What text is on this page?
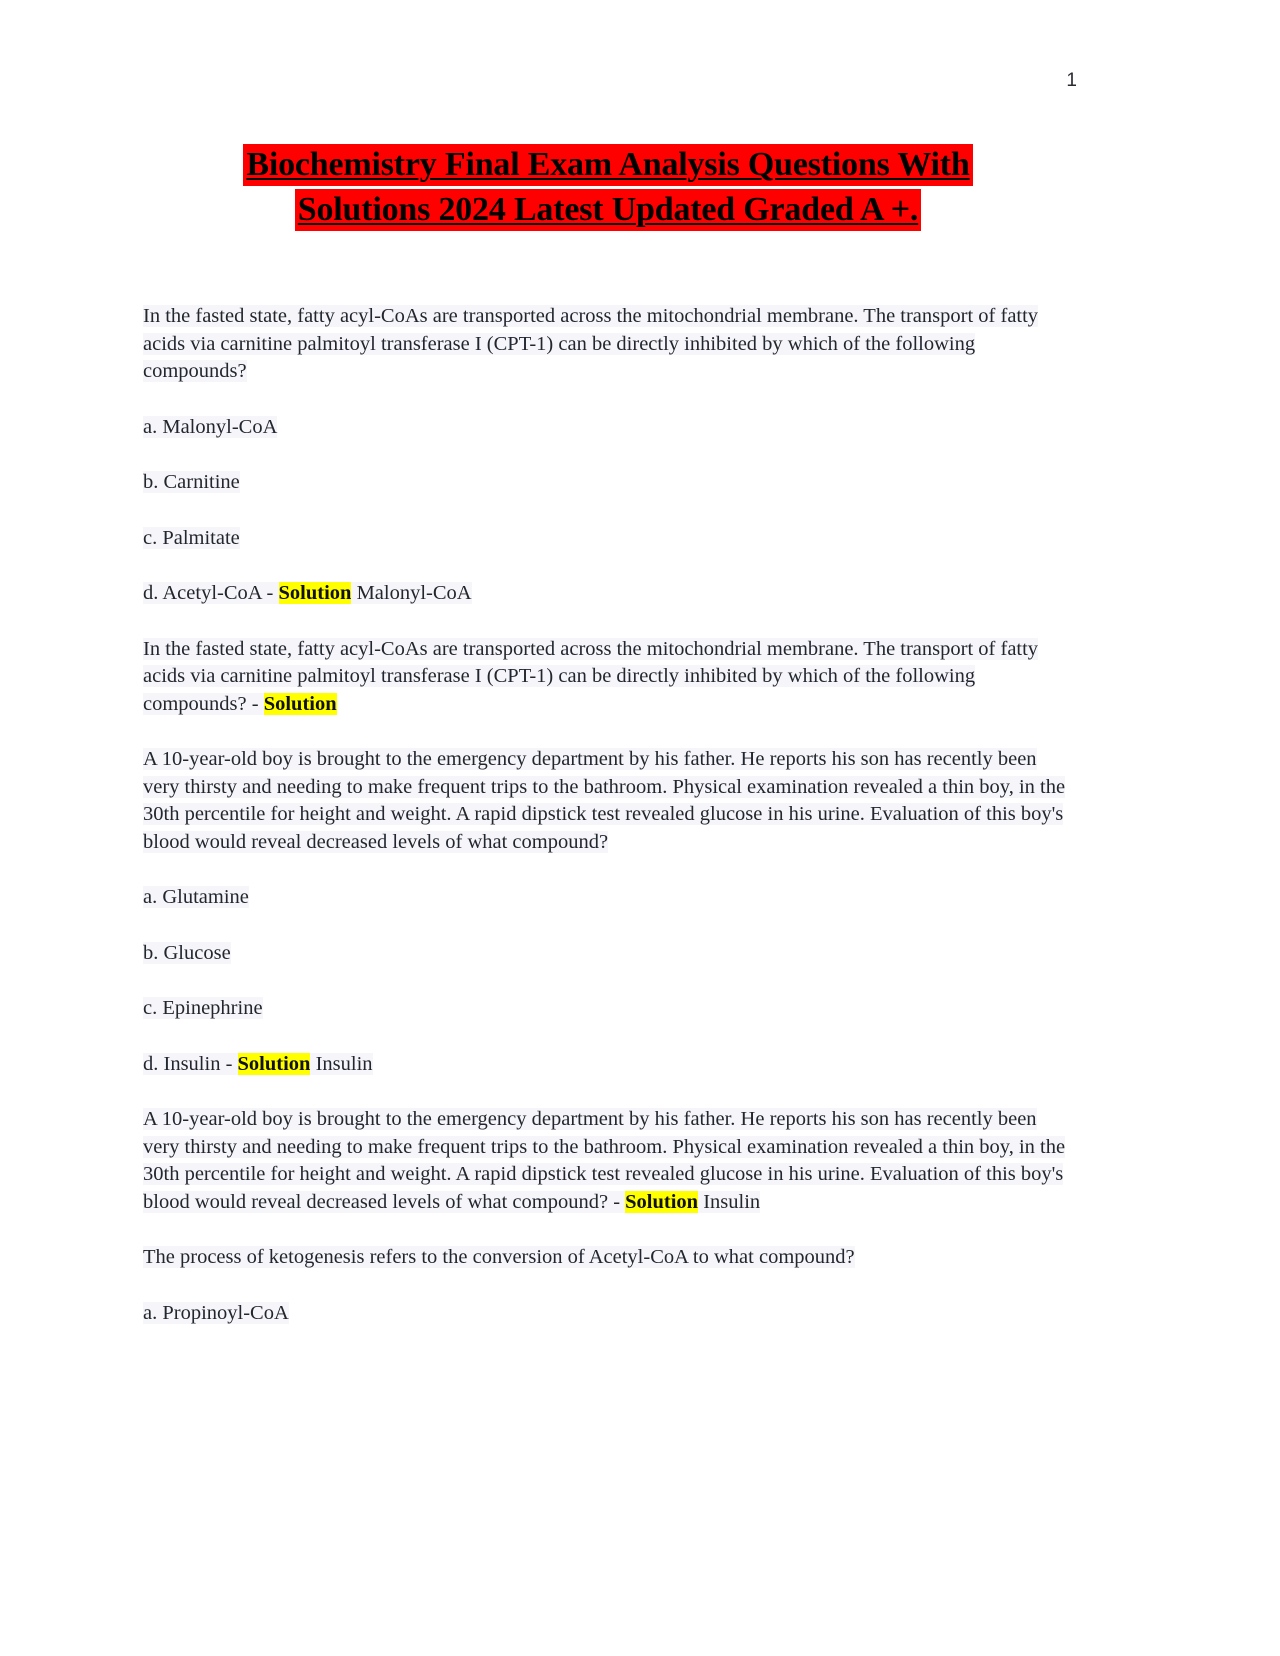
1
Biochemistry Final Exam Analysis Questions With
Solutions 2024 Latest Updated Graded A +.

In the fasted state, fatty acyl-CoAs are transported across the mitochondrial membrane. The transport of fatty acids via carnitine palmitoyl transferase I (CPT-1) can be directly inhibited by which of the following compounds?

a. Malonyl-CoA

b. Carnitine

c. Palmitate

d. Acetyl-CoA - Solution Malonyl-CoA

In the fasted state, fatty acyl-CoAs are transported across the mitochondrial membrane. The transport of fatty acids via carnitine palmitoyl transferase I (CPT-1) can be directly inhibited by which of the following compounds? - Solution

A 10-year-old boy is brought to the emergency department by his father. He reports his son has recently been very thirsty and needing to make frequent trips to the bathroom. Physical examination revealed a thin boy, in the 30th percentile for height and weight. A rapid dipstick test revealed glucose in his urine. Evaluation of this boy's blood would reveal decreased levels of what compound?

a. Glutamine

b. Glucose

c. Epinephrine

d. Insulin - Solution Insulin

A 10-year-old boy is brought to the emergency department by his father. He reports his son has recently been very thirsty and needing to make frequent trips to the bathroom. Physical examination revealed a thin boy, in the 30th percentile for height and weight. A rapid dipstick test revealed glucose in his urine. Evaluation of this boy's blood would reveal decreased levels of what compound? - Solution Insulin

The process of ketogenesis refers to the conversion of Acetyl-CoA to what compound?

a. Propinoyl-CoA
